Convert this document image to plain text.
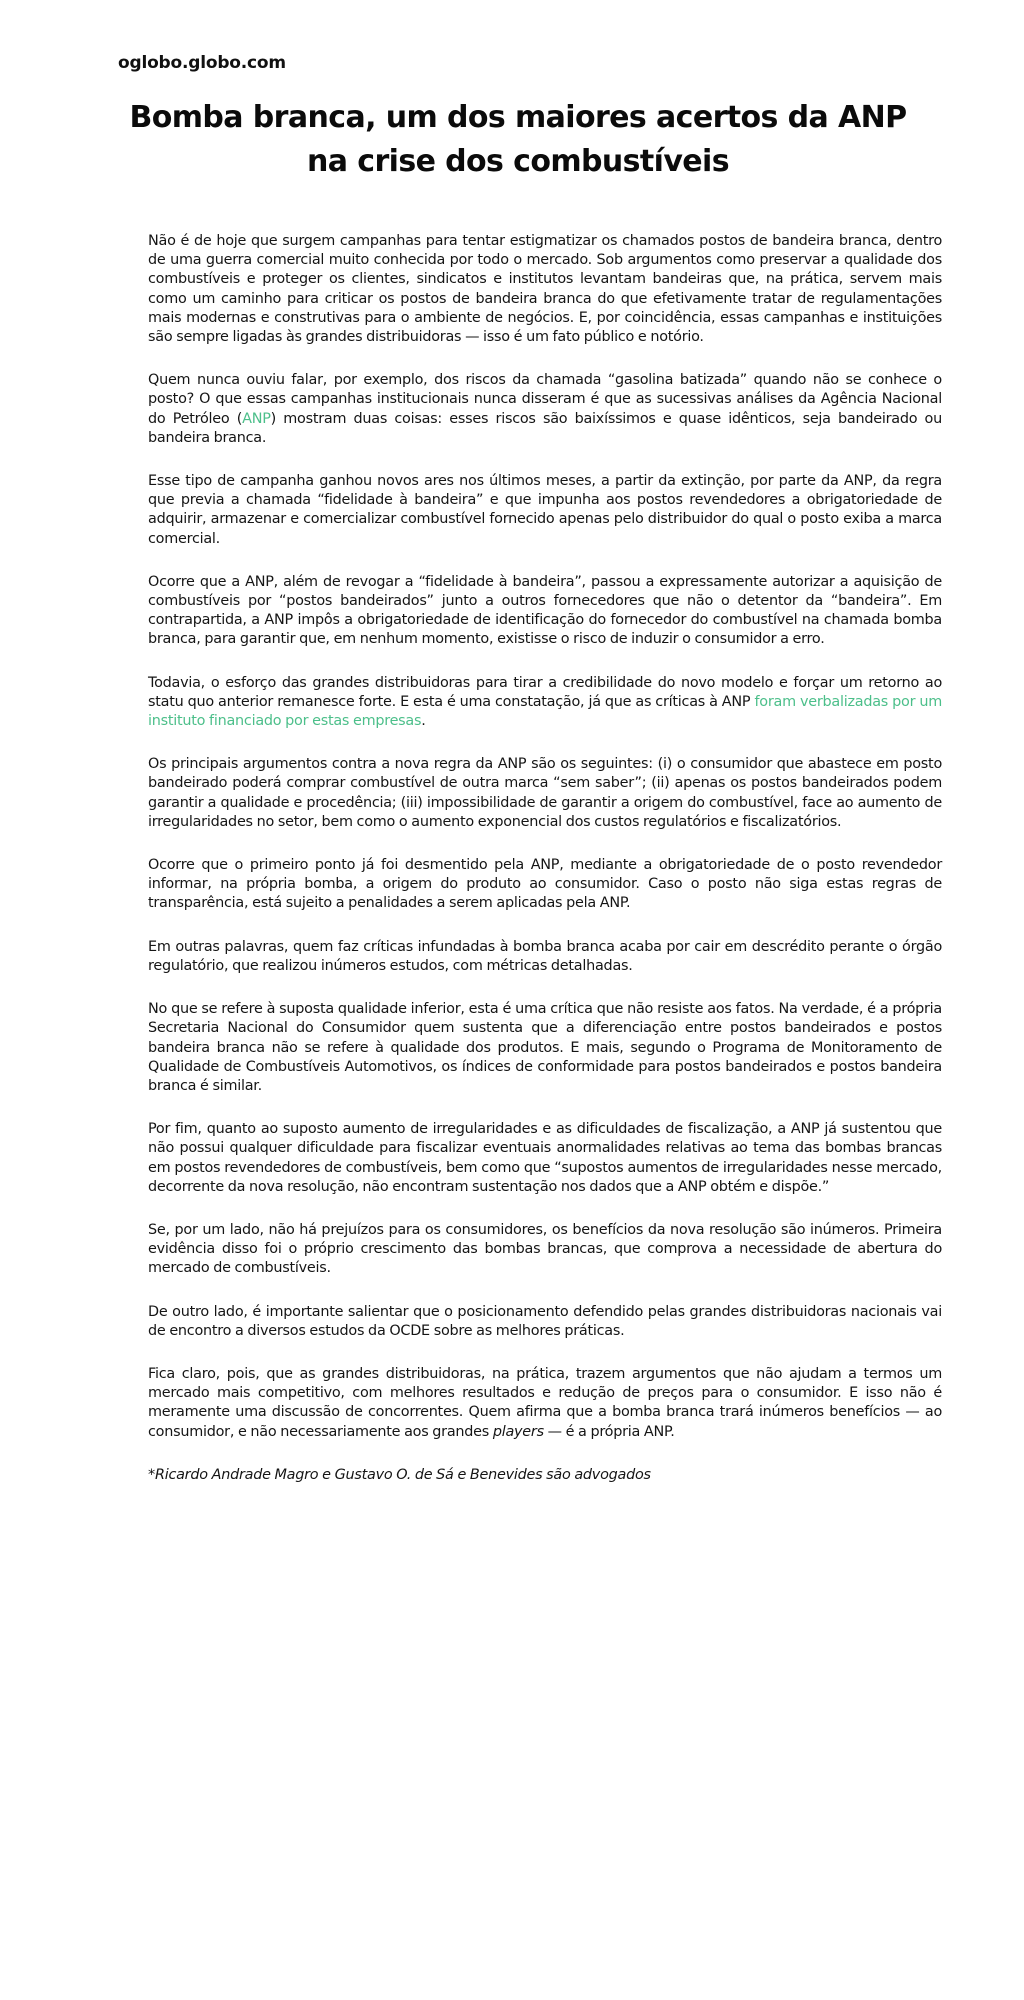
oglobo.globo.com
Bomba branca, um dos maiores acertos da ANP na crise dos combustíveis

Não é de hoje que surgem campanhas para tentar estigmatizar os chamados postos de bandeira branca, dentro de uma guerra comercial muito conhecida por todo o mercado. Sob argumentos como preservar a qualidade dos combustíveis e proteger os clientes, sindicatos e institutos levantam bandeiras que, na prática, servem mais como um caminho para criticar os postos de bandeira branca do que efetivamente tratar de regulamentações mais modernas e construtivas para o ambiente de negócios. E, por coincidência, essas campanhas e instituições são sempre ligadas às grandes distribuidoras — isso é um fato público e notório.

Quem nunca ouviu falar, por exemplo, dos riscos da chamada “gasolina batizada” quando não se conhece o posto? O que essas campanhas institucionais nunca disseram é que as sucessivas análises da Agência Nacional do Petróleo (ANP) mostram duas coisas: esses riscos são baixíssimos e quase idênticos, seja bandeirado ou bandeira branca.

Esse tipo de campanha ganhou novos ares nos últimos meses, a partir da extinção, por parte da ANP, da regra que previa a chamada “fidelidade à bandeira” e que impunha aos postos revendedores a obrigatoriedade de adquirir, armazenar e comercializar combustível fornecido apenas pelo distribuidor do qual o posto exiba a marca comercial.

Ocorre que a ANP, além de revogar a “fidelidade à bandeira”, passou a expressamente autorizar a aquisição de combustíveis por “postos bandeirados” junto a outros fornecedores que não o detentor da “bandeira”. Em contrapartida, a ANP impôs a obrigatoriedade de identificação do fornecedor do combustível na chamada bomba branca, para garantir que, em nenhum momento, existisse o risco de induzir o consumidor a erro.

Todavia, o esforço das grandes distribuidoras para tirar a credibilidade do novo modelo e forçar um retorno ao statu quo anterior remanesce forte. E esta é uma constatação, já que as críticas à ANP foram verbalizadas por um instituto financiado por estas empresas.

Os principais argumentos contra a nova regra da ANP são os seguintes: (i) o consumidor que abastece em posto bandeirado poderá comprar combustível de outra marca “sem saber”; (ii) apenas os postos bandeirados podem garantir a qualidade e procedência; (iii) impossibilidade de garantir a origem do combustível, face ao aumento de irregularidades no setor, bem como o aumento exponencial dos custos regulatórios e fiscalizatórios.

Ocorre que o primeiro ponto já foi desmentido pela ANP, mediante a obrigatoriedade de o posto revendedor informar, na própria bomba, a origem do produto ao consumidor. Caso o posto não siga estas regras de transparência, está sujeito a penalidades a serem aplicadas pela ANP.

Em outras palavras, quem faz críticas infundadas à bomba branca acaba por cair em descrédito perante o órgão regulatório, que realizou inúmeros estudos, com métricas detalhadas.

No que se refere à suposta qualidade inferior, esta é uma crítica que não resiste aos fatos. Na verdade, é a própria Secretaria Nacional do Consumidor quem sustenta que a diferenciação entre postos bandeirados e postos bandeira branca não se refere à qualidade dos produtos. E mais, segundo o Programa de Monitoramento de Qualidade de Combustíveis Automotivos, os índices de conformidade para postos bandeirados e postos bandeira branca é similar.

Por fim, quanto ao suposto aumento de irregularidades e as dificuldades de fiscalização, a ANP já sustentou que não possui qualquer dificuldade para fiscalizar eventuais anormalidades relativas ao tema das bombas brancas em postos revendedores de combustíveis, bem como que “supostos aumentos de irregularidades nesse mercado, decorrente da nova resolução, não encontram sustentação nos dados que a ANP obtém e dispõe.”

Se, por um lado, não há prejuízos para os consumidores, os benefícios da nova resolução são inúmeros. Primeira evidência disso foi o próprio crescimento das bombas brancas, que comprova a necessidade de abertura do mercado de combustíveis.

De outro lado, é importante salientar que o posicionamento defendido pelas grandes distribuidoras nacionais vai de encontro a diversos estudos da OCDE sobre as melhores práticas.

Fica claro, pois, que as grandes distribuidoras, na prática, trazem argumentos que não ajudam a termos um mercado mais competitivo, com melhores resultados e redução de preços para o consumidor. E isso não é meramente uma discussão de concorrentes. Quem afirma que a bomba branca trará inúmeros benefícios — ao consumidor, e não necessariamente aos grandes players — é a própria ANP.

*Ricardo Andrade Magro e Gustavo O. de Sá e Benevides são advogados
